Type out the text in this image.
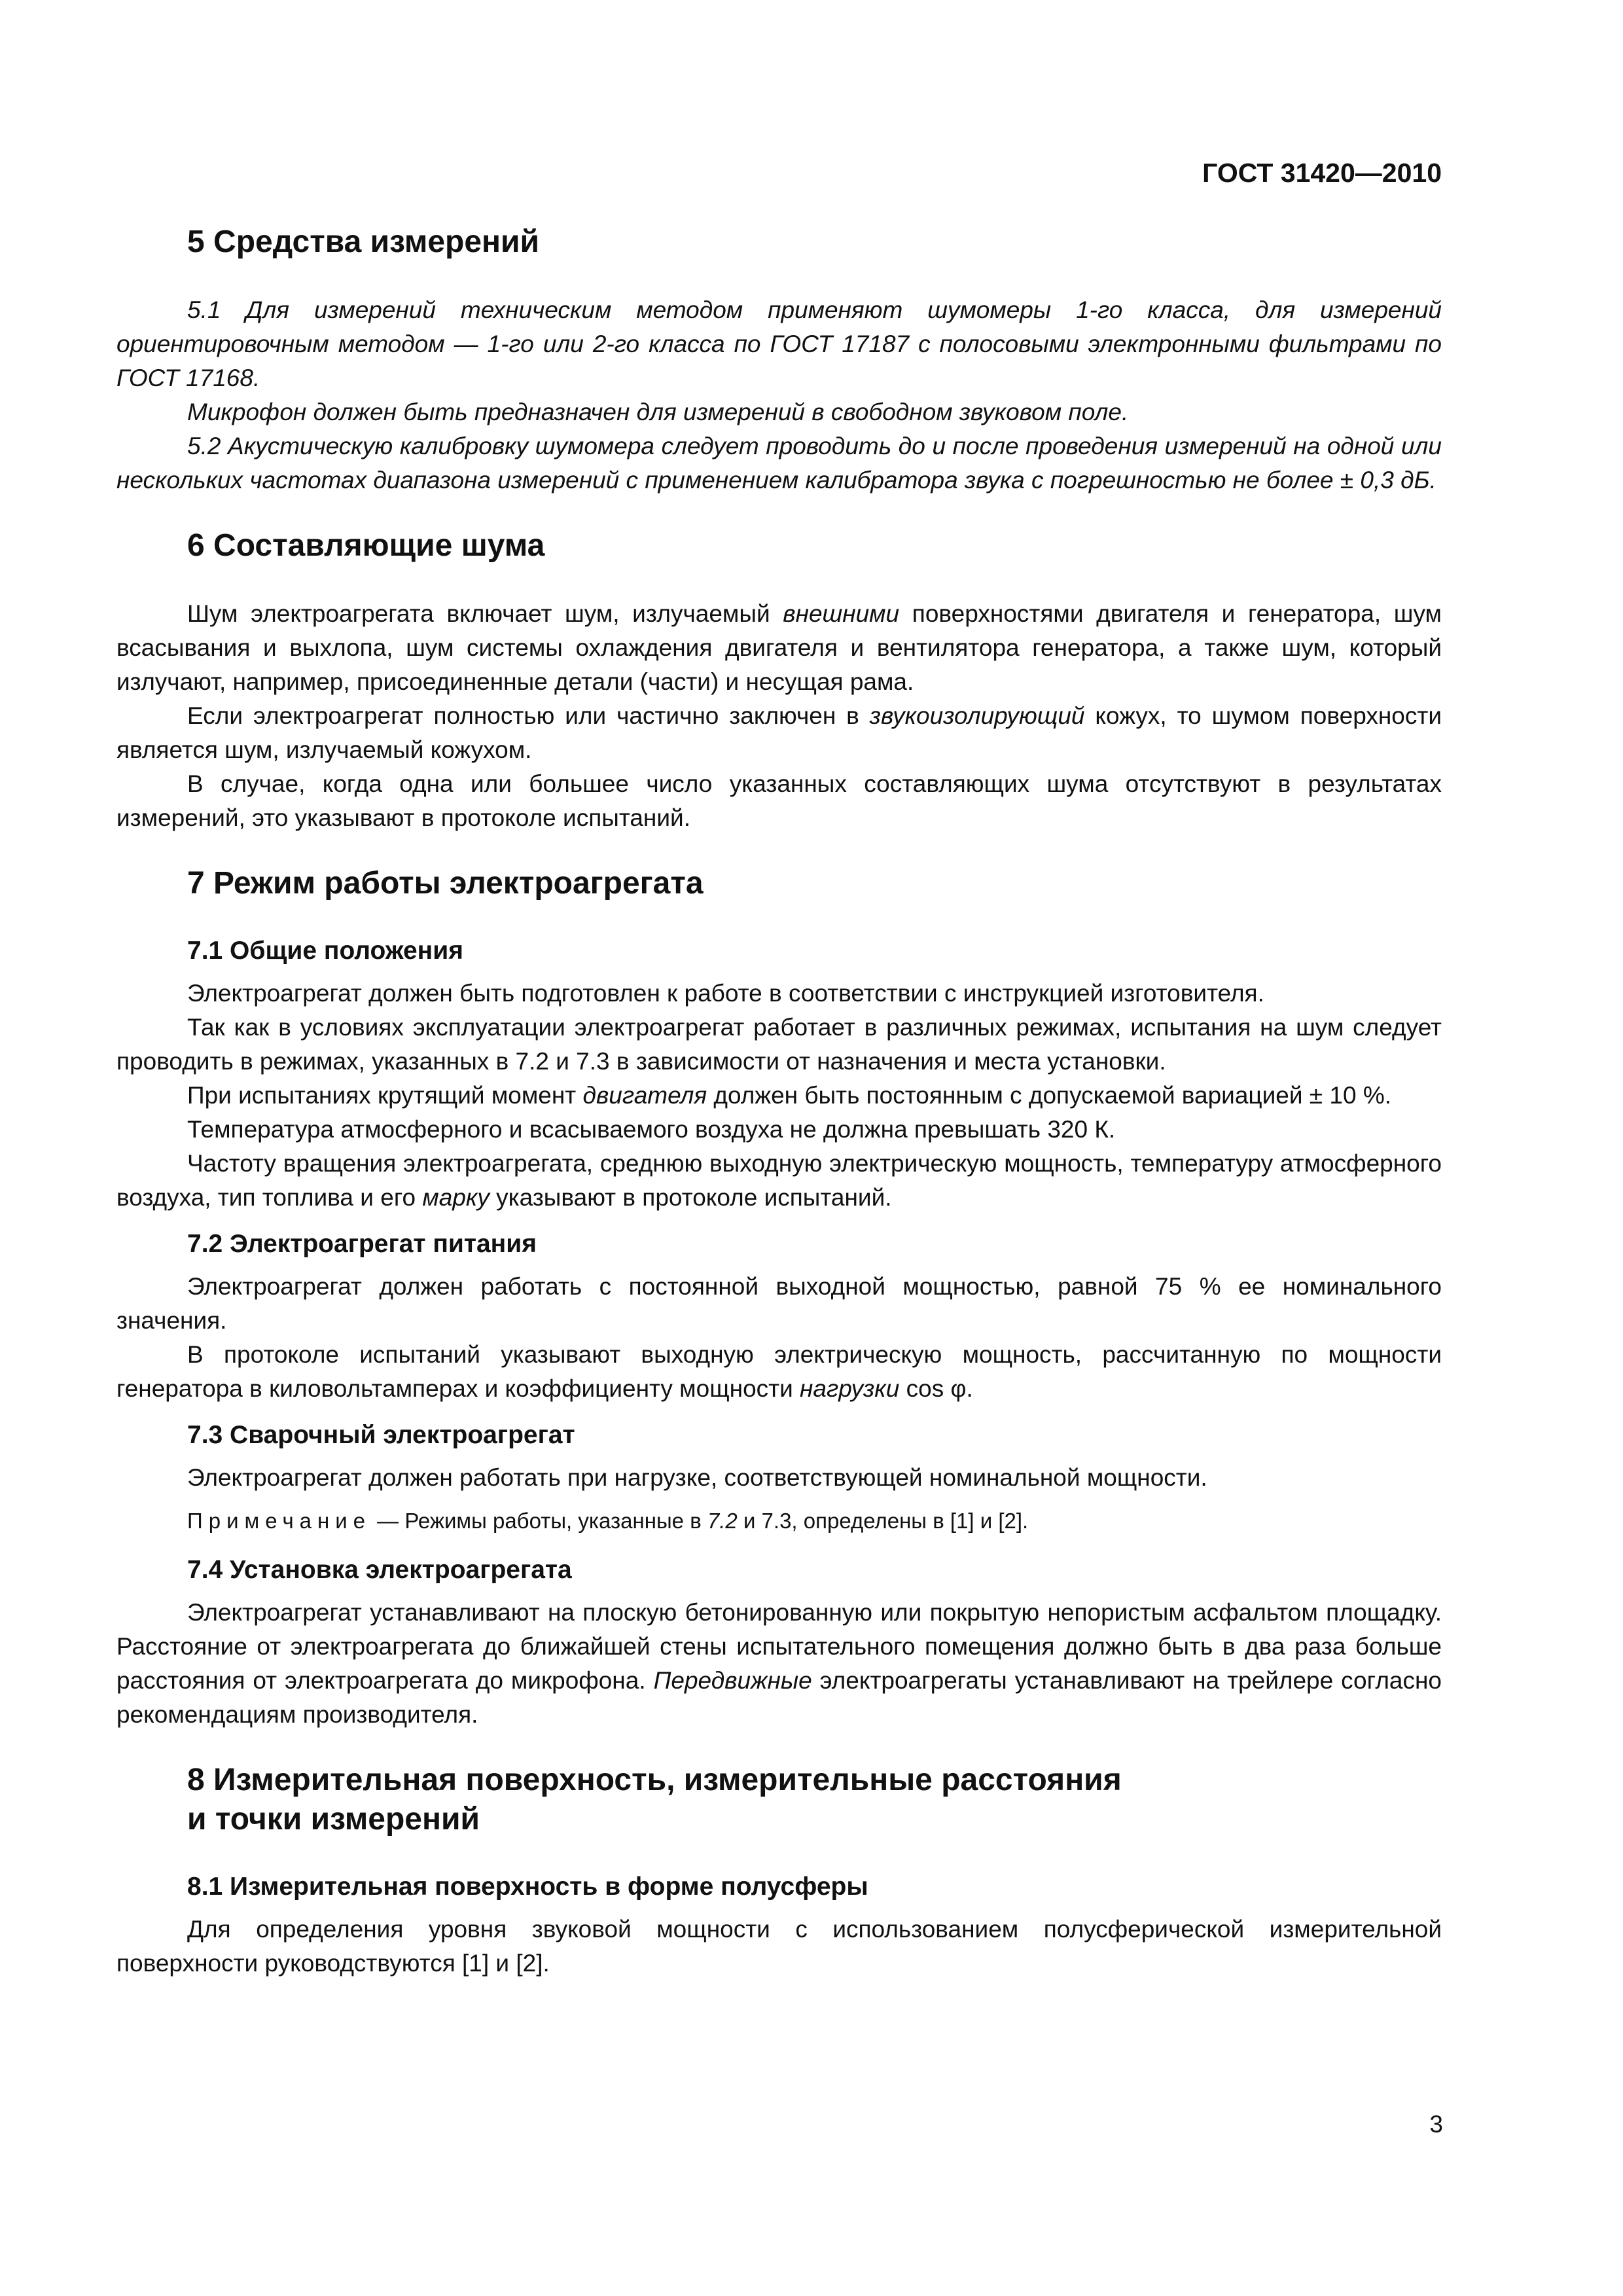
ГОСТ 31420—2010
5 Средства измерений

5.1 Для измерений техническим методом применяют шумомеры 1-го класса, для измерений ориентировочным методом — 1-го или 2-го класса по ГОСТ 17187 с полосовыми электронными фильтрами по ГОСТ 17168.

Микрофон должен быть предназначен для измерений в свободном звуковом поле.

5.2 Акустическую калибровку шумомера следует проводить до и после проведения измерений на одной или нескольких частотах диапазона измерений с применением калибратора звука с погрешностью не более ± 0,3 дБ.

6 Составляющие шума

Шум электроагрегата включает шум, излучаемый внешними поверхностями двигателя и генератора, шум всасывания и выхлопа, шум системы охлаждения двигателя и вентилятора генератора, а также шум, который излучают, например, присоединенные детали (части) и несущая рама.

Если электроагрегат полностью или частично заключен в звукоизолирующий кожух, то шумом поверхности является шум, излучаемый кожухом.

В случае, когда одна или большее число указанных составляющих шума отсутствуют в результатах измерений, это указывают в протоколе испытаний.

7 Режим работы электроагрегата
7.1 Общие положения

Электроагрегат должен быть подготовлен к работе в соответствии с инструкцией изготовителя.

Так как в условиях эксплуатации электроагрегат работает в различных режимах, испытания на шум следует проводить в режимах, указанных в 7.2 и 7.3 в зависимости от назначения и места установки.

При испытаниях крутящий момент двигателя должен быть постоянным с допускаемой вариацией ± 10 %.

Температура атмосферного и всасываемого воздуха не должна превышать 320 К.

Частоту вращения электроагрегата, среднюю выходную электрическую мощность, температуру атмосферного воздуха, тип топлива и его марку указывают в протоколе испытаний.

7.2 Электроагрегат питания

Электроагрегат должен работать с постоянной выходной мощностью, равной 75 % ее номинального значения.

В протоколе испытаний указывают выходную электрическую мощность, рассчитанную по мощности генератора в киловольтамперах и коэффициенту мощности нагрузки cos φ.

7.3 Сварочный электроагрегат

Электроагрегат должен работать при нагрузке, соответствующей номинальной мощности.

Примечание — Режимы работы, указанные в 7.2 и 7.3, определены в [1] и [2].

7.4 Установка электроагрегата

Электроагрегат устанавливают на плоскую бетонированную или покрытую непористым асфальтом площадку. Расстояние от электроагрегата до ближайшей стены испытательного помещения должно быть в два раза больше расстояния от электроагрегата до микрофона. Передвижные электроагрегаты устанавливают на трейлере согласно рекомендациям производителя.

8 Измерительная поверхность, измерительные расстояния
и точки измерений
8.1 Измерительная поверхность в форме полусферы

Для определения уровня звуковой мощности с использованием полусферической измерительной поверхности руководствуются [1] и [2].

3
